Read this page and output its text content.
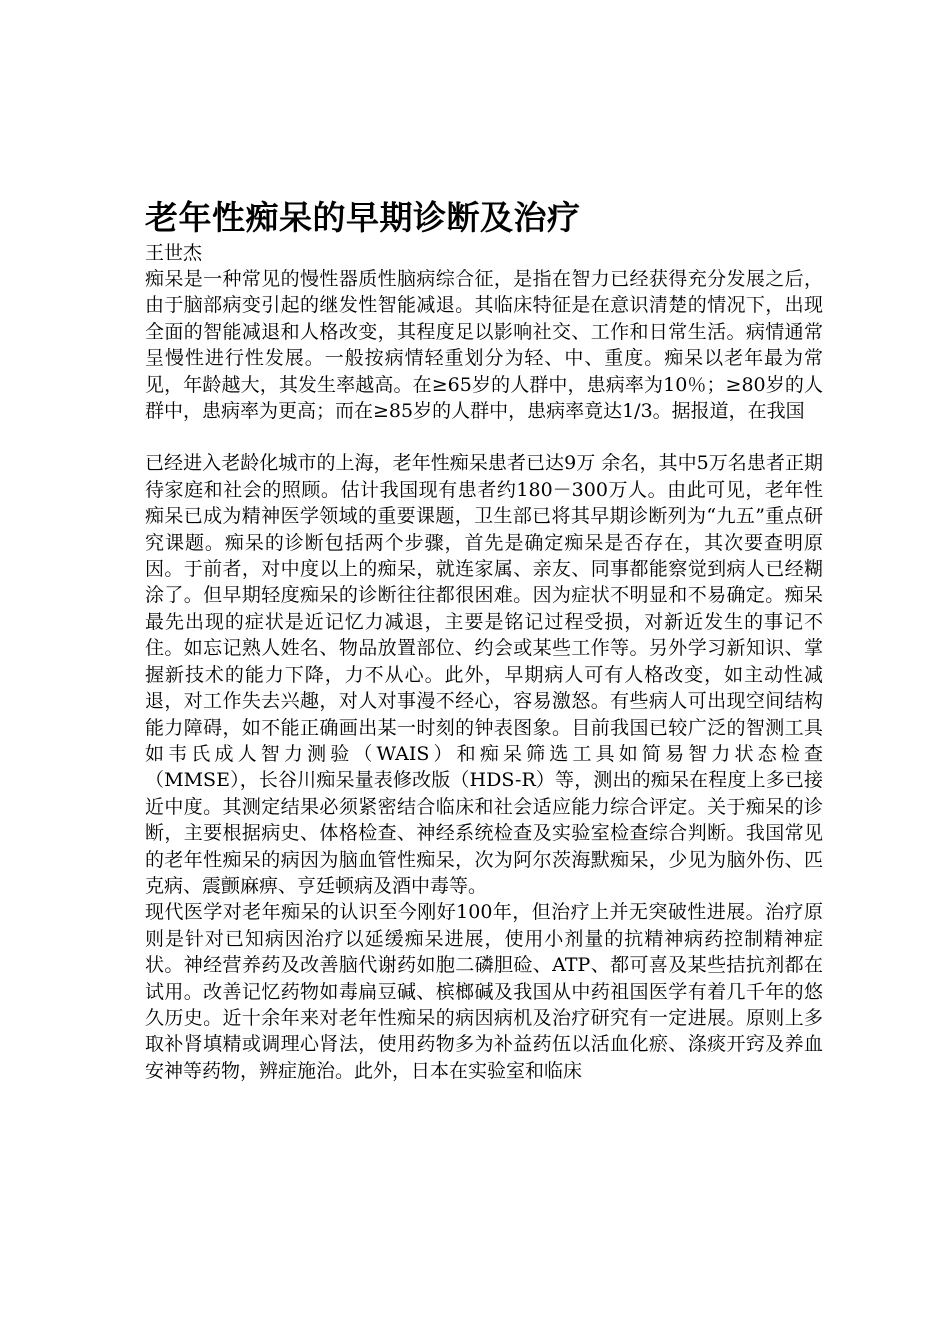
老年性痴呆的早期诊断及治疗

王世杰

痴呆是一种常见的慢性器质性脑病综合征，是指在智力已经获得充分发展之后，由于脑部病变引起的继发性智能减退。其临床特征是在意识清楚的情况下，出现全面的智能减退和人格改变，其程度足以影响社交、工作和日常生活。病情通常呈慢性进行性发展。一般按病情轻重划分为轻、中、重度。痴呆以老年最为常见，年龄越大，其发生率越高。在≥65岁的人群中，患病率为10％；≥80岁的人群中，患病率为更高；而在≥85岁的人群中，患病率竟达1/3。据报道，在我国

已经进入老龄化城市的上海，老年性痴呆患者已达9万 余名，其中5万名患者正期待家庭和社会的照顾。估计我国现有患者约180－300万人。由此可见，老年性痴呆已成为精神医学领域的重要课题，卫生部已将其早期诊断列为“九五”重点研究课题。痴呆的诊断包括两个步骤，首先是确定痴呆是否存在，其次要查明原因。于前者，对中度以上的痴呆，就连家属、亲友、同事都能察觉到病人已经糊涂了。但早期轻度痴呆的诊断往往都很困难。因为症状不明显和不易确定。痴呆最先出现的症状是近记忆力减退，主要是铭记过程受损，对新近发生的事记不住。如忘记熟人姓名、物品放置部位、约会或某些工作等。另外学习新知识、掌握新技术的能力下降，力不从心。此外，早期病人可有人格改变，如主动性减退，对工作失去兴趣，对人对事漫不经心，容易激怒。有些病人可出现空间结构能力障碍，如不能正确画出某一时刻的钟表图象。目前我国已较广泛的智测工具如韦氏成人智力测验（WAIS）和痴呆筛选工具如简易智力状态检查（MMSE），长谷川痴呆量表修改版（HDS-R）等，测出的痴呆在程度上多已接近中度。其测定结果必须紧密结合临床和社会适应能力综合评定。关于痴呆的诊断，主要根据病史、体格检查、神经系统检查及实验室检查综合判断。我国常见的老年性痴呆的病因为脑血管性痴呆，次为阿尔茨海默痴呆，少见为脑外伤、匹克病、震颤麻痹、亨廷顿病及酒中毒等。

现代医学对老年痴呆的认识至今刚好100年，但治疗上并无突破性进展。治疗原则是针对已知病因治疗以延缓痴呆进展，使用小剂量的抗精神病药控制精神症状。神经营养药及改善脑代谢药如胞二磷胆硷、ATP、都可喜及某些拮抗剂都在试用。改善记忆药物如毒扁豆碱、槟榔碱及我国从中药祖国医学有着几千年的悠久历史。近十余年来对老年性痴呆的病因病机及治疗研究有一定进展。原则上多取补肾填精或调理心肾法，使用药物多为补益药伍以活血化瘀、涤痰开窍及养血安神等药物，辨症施治。此外，日本在实验室和临床
